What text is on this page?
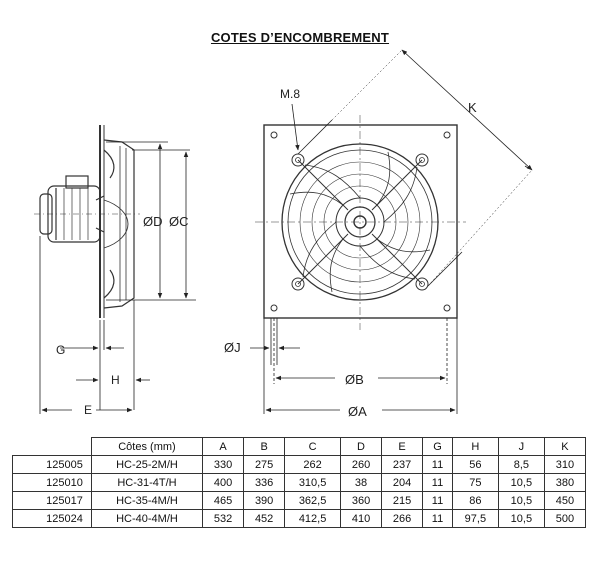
COTES D’ENCOMBREMENT
ØD ØC
G
H
E
M.8
K
ØJ
ØB
ØA
	Côtes (mm)	A	B	C	D	E	G	H	J	K
125005	HC-25-2M/H	330	275	262	260	237	11	56	8,5	310
125010	HC-31-4T/H	400	336	310,5	38	204	11	75	10,5	380
125017	HC-35-4M/H	465	390	362,5	360	215	11	86	10,5	450
125024	HC-40-4M/H	532	452	412,5	410	266	11	97,5	10,5	500
